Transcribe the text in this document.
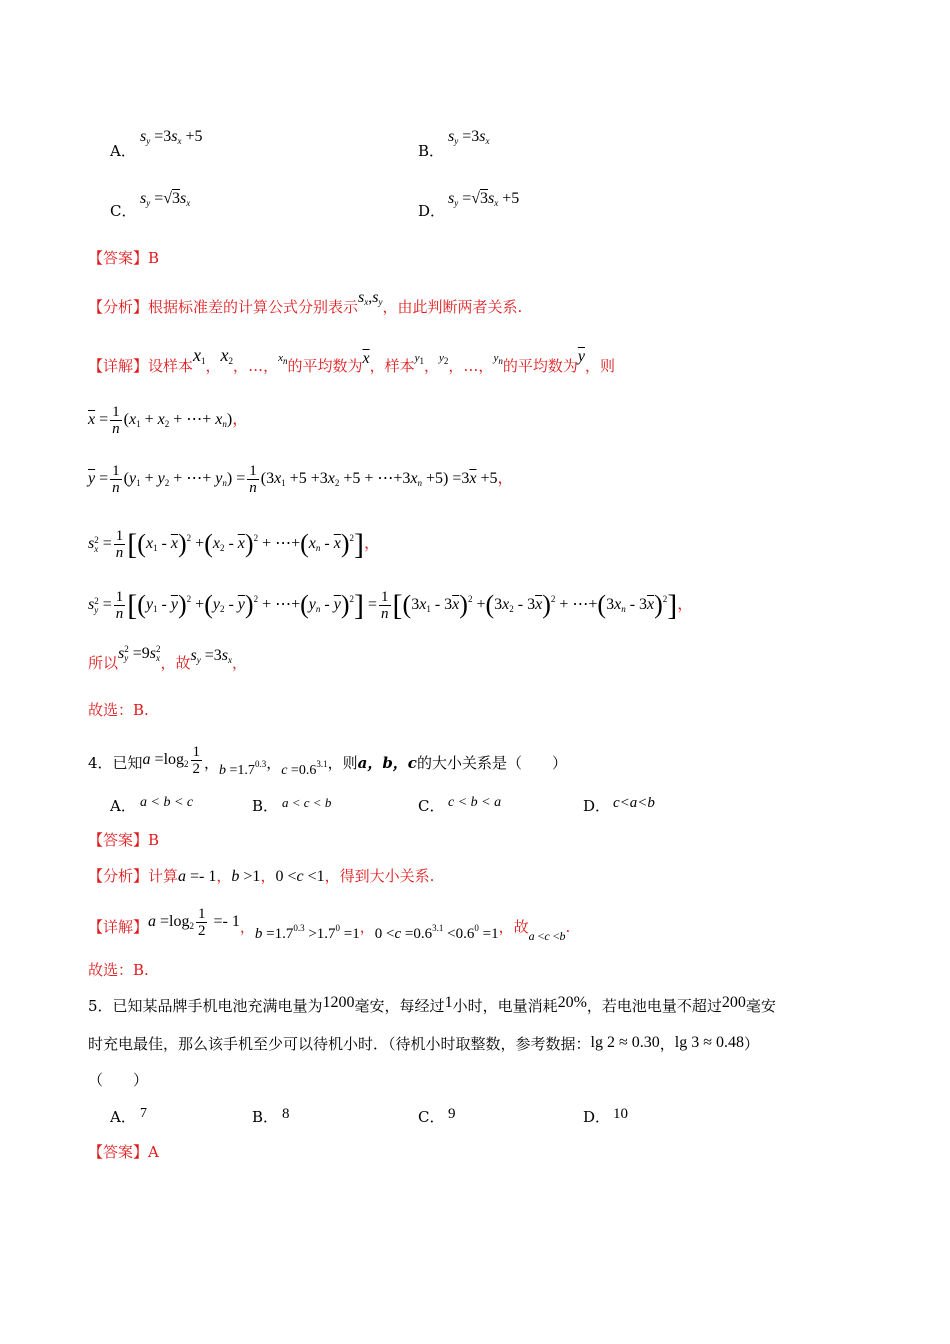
A．
$s_y =3s_x +5$
B．
$s_y =3s_x$
C．
$s_y =√3s_x$	D．
$s_y =√3s_x +5$
【答案】B
【分析】根据标准差的计算公式分别表示$s_x,s_y$，由此判断两者关系.
【详解】设样本$x_1$，$x_2$，…，$x_n$的平均数为$\overline{x}$，样本$y_1$，$y_2$，…，$y_n$的平均数为$\overline{y}$，则
$\overline{x} = \frac{1}{n} (x_1 + x_2$ + ⋯+ $x_n$)，
$\overline{y} = \frac{1}{n} (y_1 + y_2$ + ⋯+ $y_n) = \frac{1}{n} (3x_1 +5 +3x_2 +5$ + $\cdots+3x_n +5) =3\overline{x} +5$，
s 2
$x = \frac{1}{n} [(x_1 - \overline{x})^2 +(x_2 - \overline{x})^2$ + $\cdots+(x_n - \overline{x})^2$]，
s 2
$y = \frac{1}{n} [(y_1 - \overline{y})^2 +(y_2 - \overline{y})^2$ + $\cdots+(y_n - \overline{y})^2] = \frac{1}{n} [(3x_1 - 3\overline{x})^2 +(3x_2 - 3\overline{x})^2$ + $\cdots+(3x_n - 3\overline{x})^2$]，
所以s 2
y =9s 2
x ，故$s_y =3s_x$，
故选：B.
4．已知$a =\log_2 \frac{1}{2}$ ，$b =1.7^{0.3}$，$c =0.6^{3.1}$，则a，b，c的大小关系是（　　）
A． a < b < c	B． a < c < b	C． c < b < a	D． c<a<b
【答案】B
【分析】计算a =- 1，b >1，0 <c <1，得到大小关系.
【详解】$a =\log_2 \frac{1}{2} =- 1$，$b =1.7^{0.3} >1.7^0 =1$，$0 <c =0.6^{3.1} <0.6^0 =1$，故$_{a <c <b}$.
故选：B.
5．已知某品牌手机电池充满电量为1200毫安，每经过1小时，电量消耗20%，若电池电量不超过200毫安
时充电最佳，那么该手机至少可以待机小时．（待机小时取整数，参考数据：lg 2 ≈ 0.30，lg 3 ≈ 0.48）
（　　）
A． 7	B． 8	C． 9	D． 10
【答案】A
